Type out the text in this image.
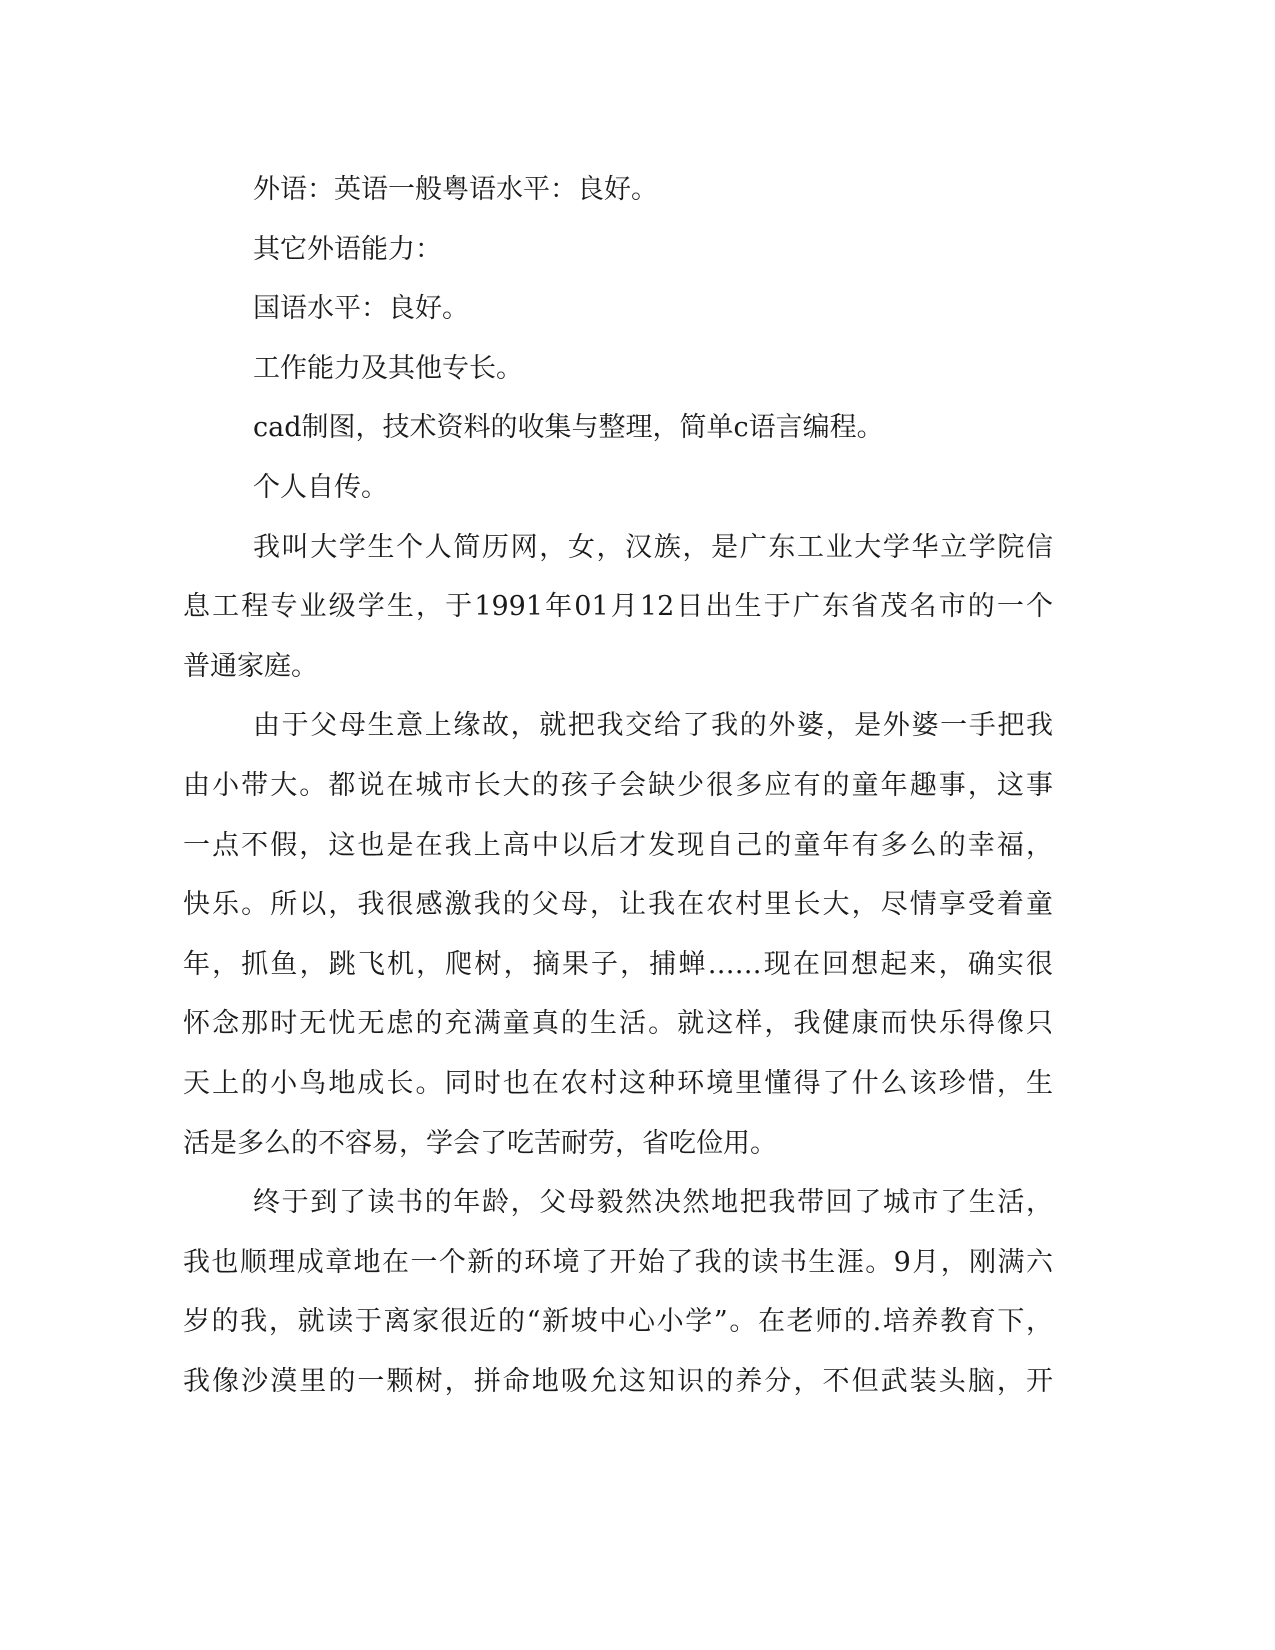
外语：英语一般粤语水平：良好。
其它外语能力：
国语水平：良好。
工作能力及其他专长。
cad制图，技术资料的收集与整理，简单c语言编程。
个人自传。
我叫大学生个人简历网，女，汉族，是广东工业大学华立学院信
息工程专业级学生，于1991年01月12日出生于广东省茂名市的一个
普通家庭。
由于父母生意上缘故，就把我交给了我的外婆，是外婆一手把我
由小带大。都说在城市长大的孩子会缺少很多应有的童年趣事，这事
一点不假，这也是在我上高中以后才发现自己的童年有多么的幸福，
快乐。所以，我很感激我的父母，让我在农村里长大，尽情享受着童
年，抓鱼，跳飞机，爬树，摘果子，捕蝉……现在回想起来，确实很
怀念那时无忧无虑的充满童真的生活。就这样，我健康而快乐得像只
天上的小鸟地成长。同时也在农村这种环境里懂得了什么该珍惜，生
活是多么的不容易，学会了吃苦耐劳，省吃俭用。
终于到了读书的年龄，父母毅然决然地把我带回了城市了生活，
我也顺理成章地在一个新的环境了开始了我的读书生涯。9月，刚满六
岁的我，就读于离家很近的“新坡中心小学”。在老师的.培养教育下，
我像沙漠里的一颗树，拼命地吸允这知识的养分，不但武装头脑，开
